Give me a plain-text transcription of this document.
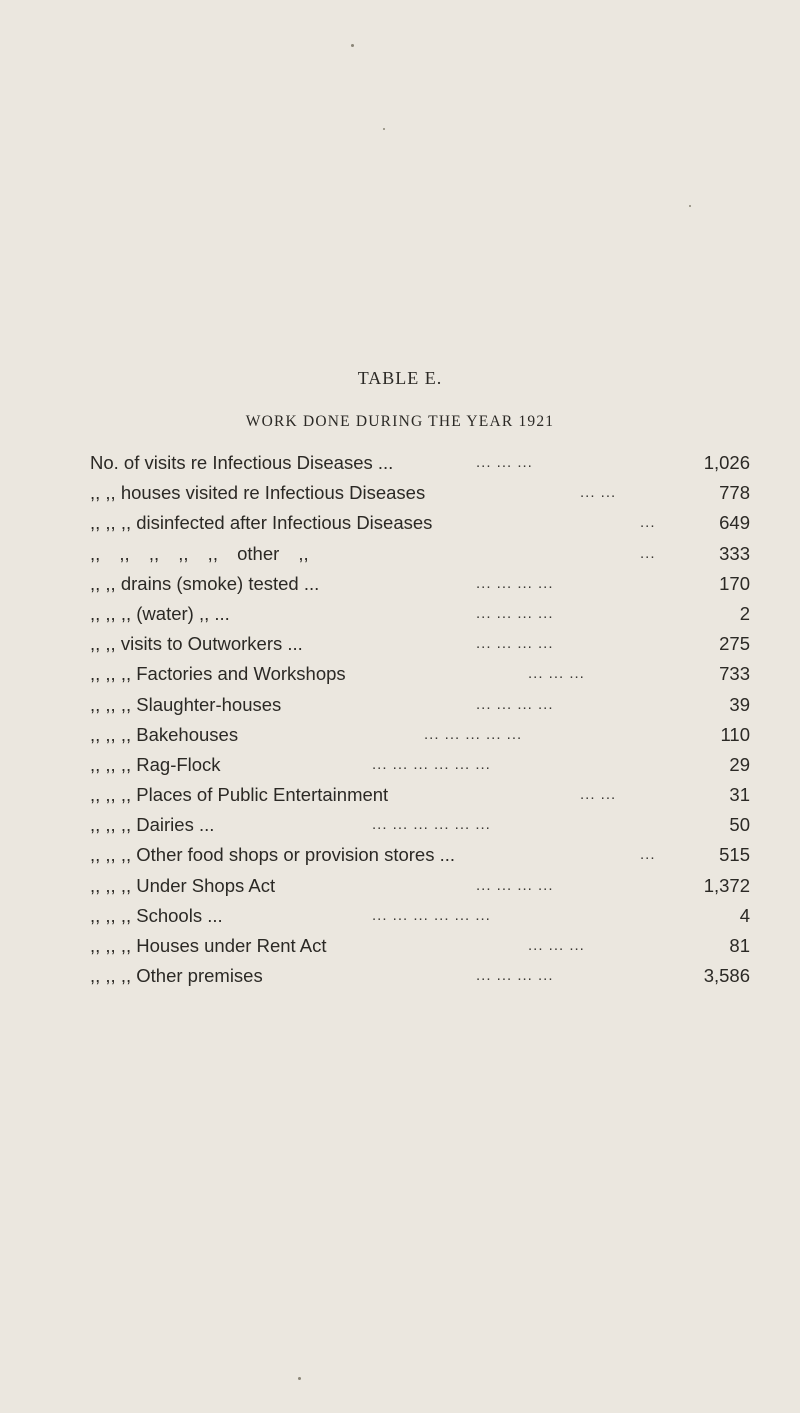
TABLE E.
WORK DONE DURING THE YEAR 1921
No. of visits re Infectious Diseases ...	... ... ...	1,026
,, ,, houses visited re Infectious Diseases	... ...	778
,, ,, ,, disinfected after Infectious Diseases	...	649
,, ,, ,, ,, ,, other ,,	...	333
,, ,, drains (smoke) tested ...	... ... ... ...	170
,, ,, ,, (water) ,, ...	... ... ... ...	2
,, ,, visits to Outworkers ...	... ... ... ...	275
,, ,, ,, Factories and Workshops	... ... ...	733
,, ,, ,, Slaughter-houses	... ... ... ...	39
,, ,, ,, Bakehouses	... ... ... ... ...	110
,, ,, ,, Rag-Flock	... ... ... ... ... ...	29
,, ,, ,, Places of Public Entertainment	... ...	31
,, ,, ,, Dairies ...	... ... ... ... ... ...	50
,, ,, ,, Other food shops or provision stores ...	...	515
,, ,, ,, Under Shops Act	... ... ... ...	1,372
,, ,, ,, Schools ...	... ... ... ... ... ...	4
,, ,, ,, Houses under Rent Act	... ... ...	81
,, ,, ,, Other premises	... ... ... ...	3,586
